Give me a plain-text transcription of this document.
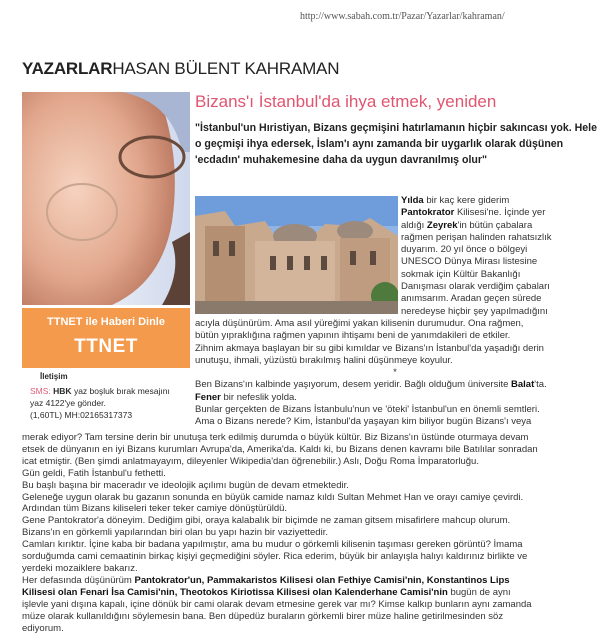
http://www.sabah.com.tr/Pazar/Yazarlar/kahraman/
YAZARLARHASAN BÜLENT KAHRAMAN
TTNET ile Haberi Dinle
TTNET
İletişim
SMS: HBK yaz boşluk bırak mesajını
yaz 4122'ye gönder.
(1,60TL) MH:02165317373
Bizans'ı İstanbul'da ihya etmek, yeniden
"İstanbul'un Hıristiyan, Bizans geçmişini hatırlamanın hiçbir sakıncası yok. Hele o geçmişi ihya edersek, İslam'ı aynı zamanda bir uygarlık olarak düşünen 'ecdadın' muhakemesine daha da uygun davranılmış olur"
Yılda bir kaç kere giderim
Pantokrator Kilisesi'ne. İçinde yer
aldığı Zeyrek'in bütün çabalara
rağmen perişan halinden rahatsızlık
duyarım. 20 yıl önce o bölgeyi
UNESCO Dünya Mirası listesine
sokmak için Kültür Bakanlığı
Danışması olarak verdiğim çabaları
anımsarım. Aradan geçen sürede
neredeyse hiçbir şey yapılmadığını
acıyla düşünürüm. Ama asıl yüreğimi yakan kilisenin durumudur. Ona rağmen,
bütün yıpraklığına rağmen yapının ihtişamı beni de yanımdakileri de etkiler.
Zihnim akmaya başlayan bir su gibi kımıldar ve Bizans'ın İstanbul'da yaşadığı derin
unutuşu, ihmali, yüzüstü bırakılmış halini düşünmeye koyulur.
*
Ben Bizans'ın kalbinde yaşıyorum, desem yeridir. Bağlı olduğum üniversite Balat'ta.
Fener bir nefeslik yolda.
Bunlar gerçekten de Bizans İstanbulu'nun ve 'öteki' İstanbul'un en önemli semtleri.
Ama o Bizans nerede? Kim, İstanbul'da yaşayan kim biliyor bugün Bizans'ı veya
merak ediyor? Tam tersine derin bir unutuşa terk edilmiş durumda o büyük kültür. Biz Bizans'ın üstünde oturmaya devam
etsek de dünyanın en iyi Bizans kurumları Avrupa'da, Amerika'da. Kaldı ki, bu Bizans denen kavramı bile Batılılar sonradan
icat etmiştir. (Ben şimdi anlatmayayım, dileyenler Wikipedia'dan öğrenebilir.) Aslı, Doğu Roma İmparatorluğu.
Gün geldi, Fatih İstanbul'u fethetti.
Bu başlı başına bir maceradır ve ideolojik açılımı bugün de devam etmektedir.
Geleneğe uygun olarak bu gazanın sonunda en büyük camide namaz kıldı Sultan Mehmet Han ve orayı camiye çevirdi.
Ardından tüm Bizans kiliseleri teker teker camiye dönüştürüldü.
Gene Pantokrator'a döneyim. Dediğim gibi, oraya kalabalık bir biçimde ne zaman gitsem misafirlere mahcup olurum.
Bizans'ın en görkemli yapılarından biri olan bu yapı hazin bir vaziyettedir.
Camları kırıktır. İçine kaba bir badana yapılmıştır, ama bu mudur o görkemli kilisenin taşıması gereken görüntü? İmama
sorduğumda cami cemaatinin birkaç kişiyi geçmediğini söyler. Rica ederim, büyük bir anlayışla halıyı kaldırınız birlikte ve
yerdeki mozaiklere bakarız.
Her defasında düşünürüm Pantokrator'un, Pammakaristos Kilisesi olan Fethiye Camisi'nin, Konstantinos Lips
Kilisesi olan Fenari İsa Camisi'nin, Theotokos Kiriotissa Kilisesi olan Kalenderhane Camisi'nin bugün de aynı
işlevle yani dışına kapalı, içine dönük bir cami olarak devam etmesine gerek var mı? Kimse kalkıp bunların aynı zamanda
müze olarak kullanıldığını söylemesin bana. Ben düpedüz buraların görkemli birer müze haline getirilmesinden söz
ediyorum.
